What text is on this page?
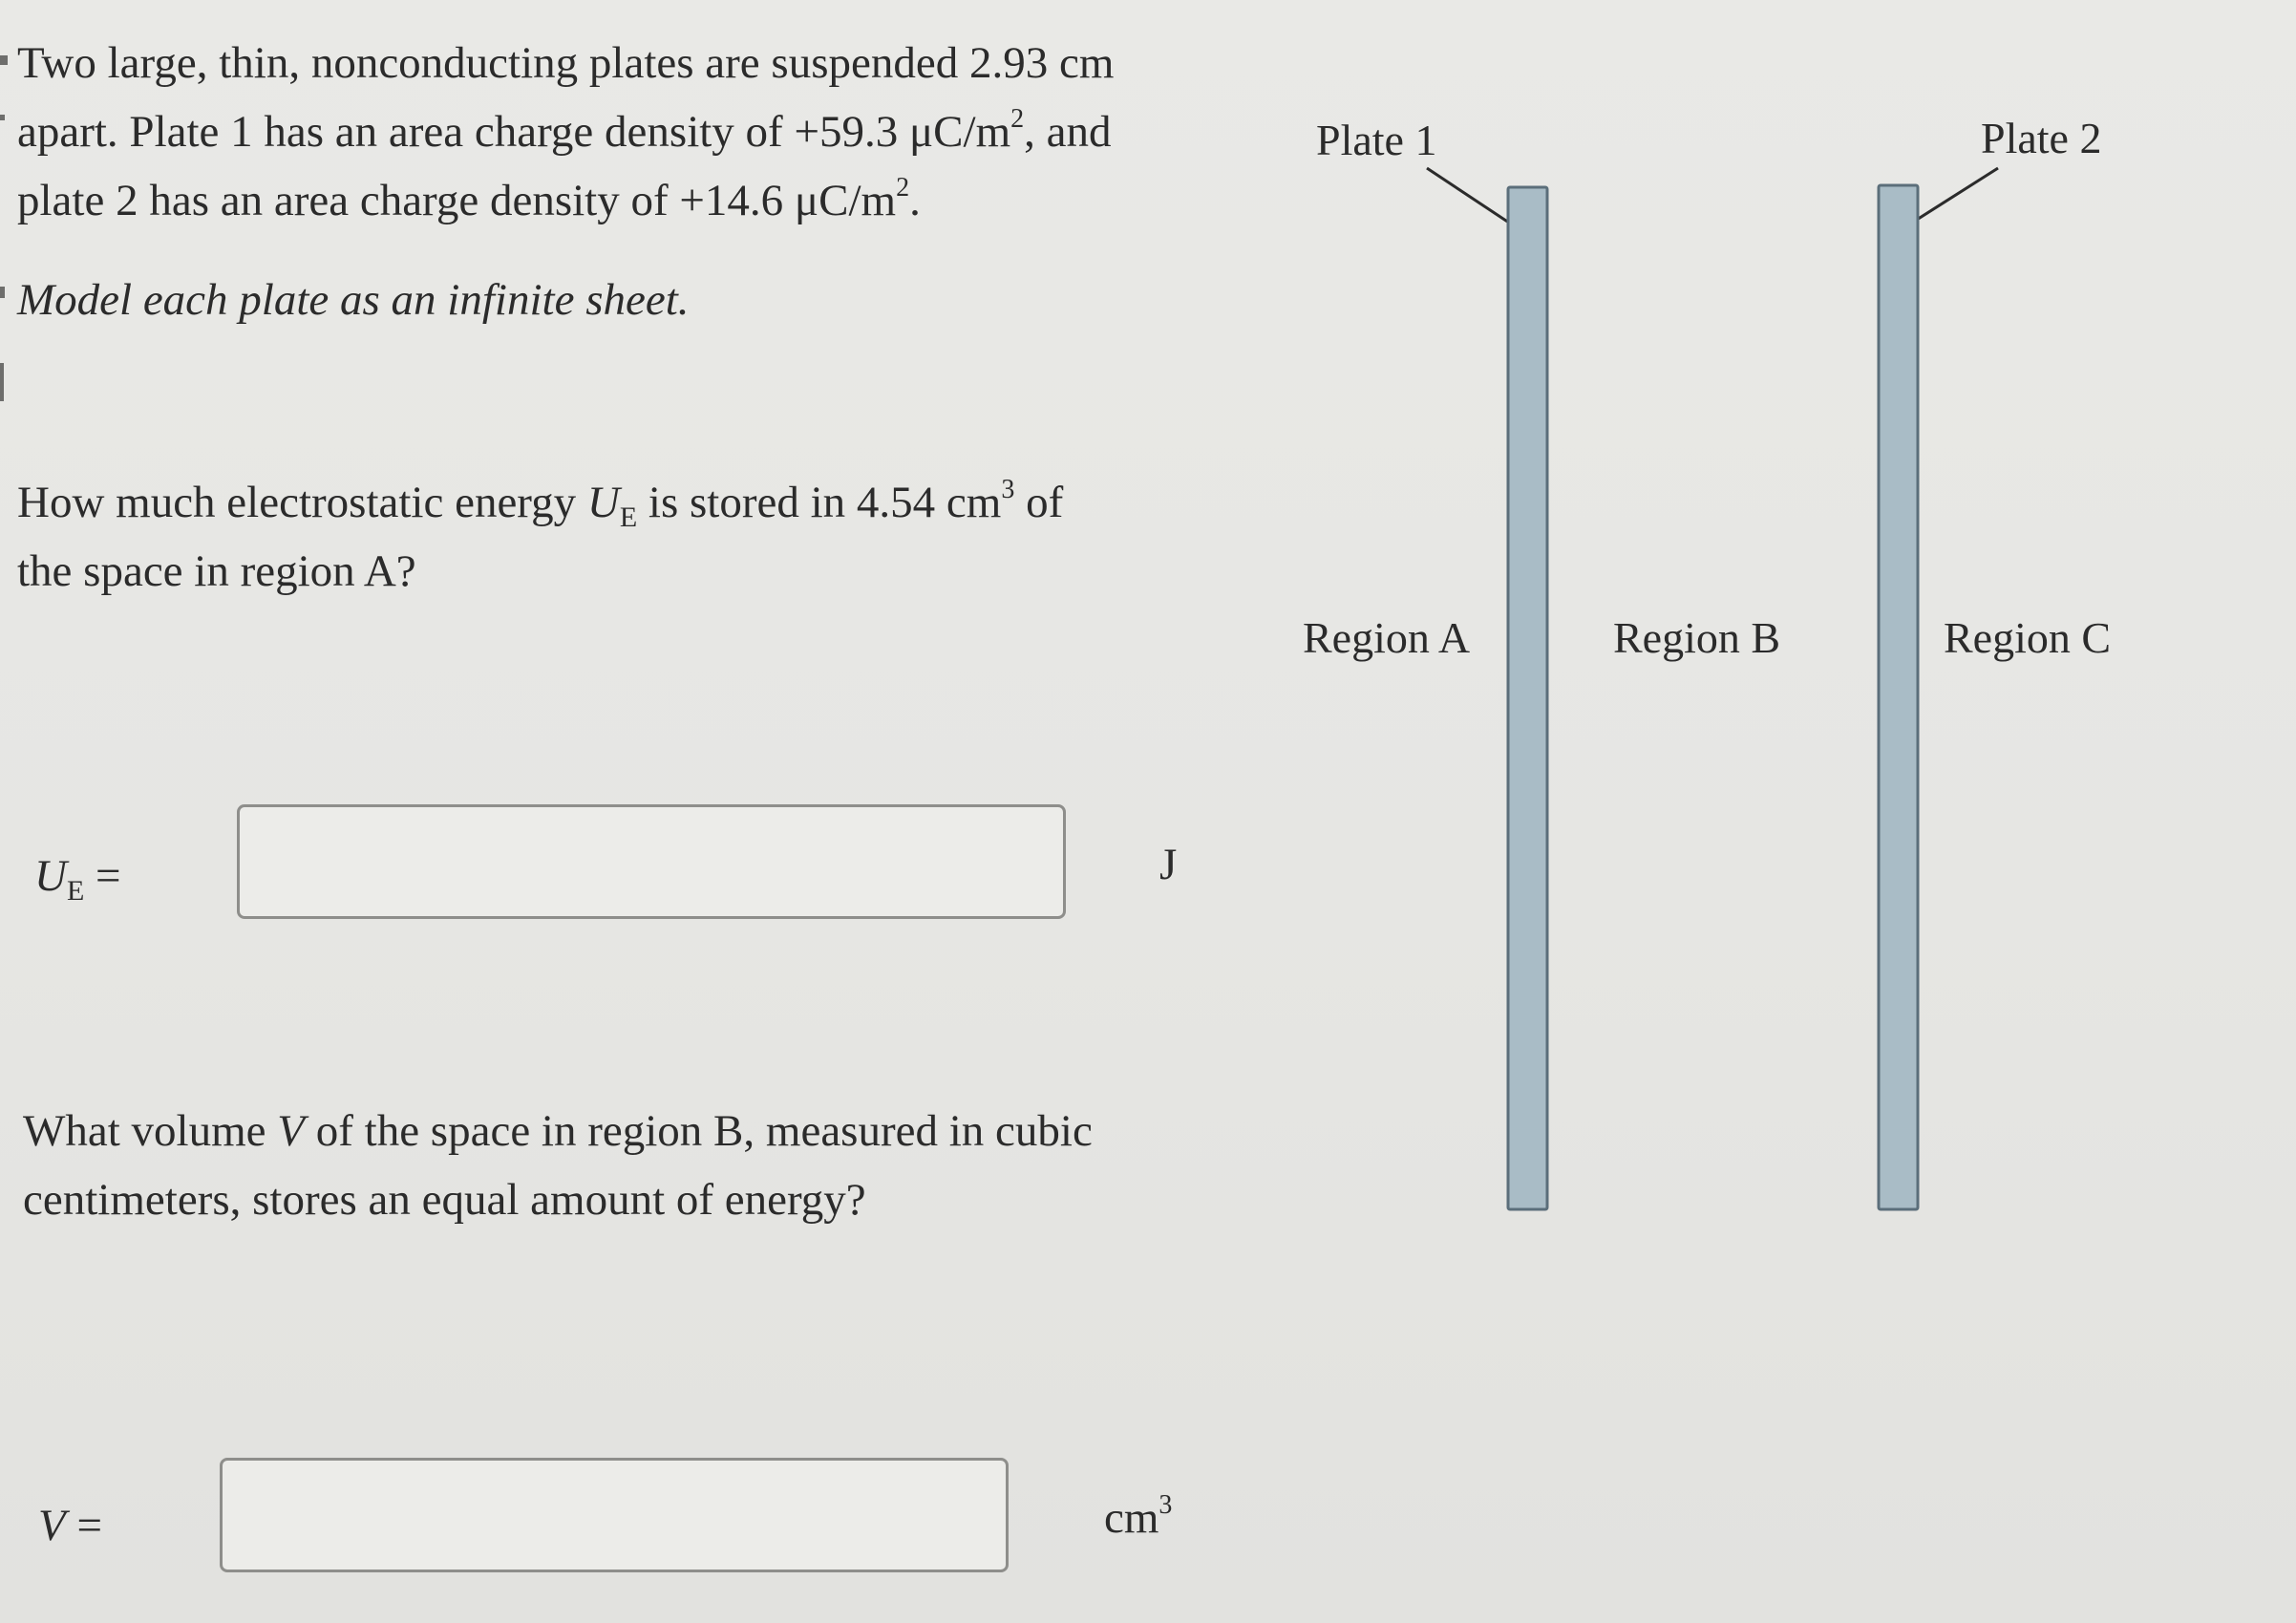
Two large, thin, nonconducting plates are suspended 2.93 cm

apart. Plate 1 has an area charge density of +59.3 $\mu C/m^2$, and

plate 2 has an area charge density of +14.6 $\mu C/m^2$.

Model each plate as an infinite sheet.

How much electrostatic energy $U_E$ is stored in 4.54 $cm^3$ of

the space in region A?

$U_E$ =	J

What volume V of the space in region B, measured in cubic

centimeters, stores an equal amount of energy?

V =	$cm^3$
Plate 1	Plate 2
Region A	Region B	Region C
